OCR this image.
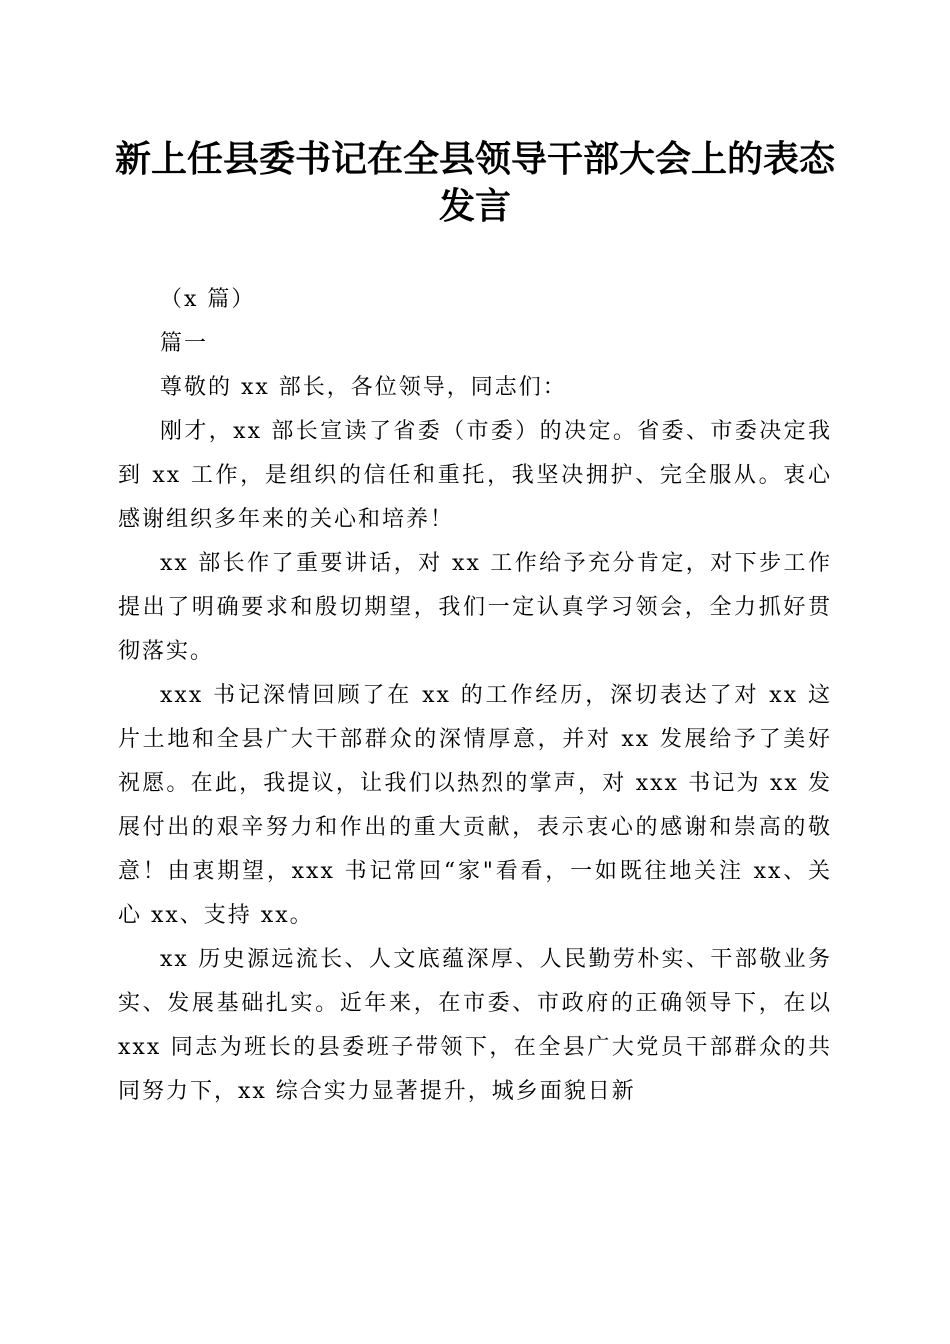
新上任县委书记在全县领导干部大会上的表态发言

（x 篇）

篇一

尊敬的 xx 部长，各位领导，同志们：

刚才，xx 部长宣读了省委（市委）的决定。省委、市委决定我到 xx 工作，是组织的信任和重托，我坚决拥护、完全服从。衷心感谢组织多年来的关心和培养！

xx 部长作了重要讲话，对 xx 工作给予充分肯定，对下步工作提出了明确要求和殷切期望，我们一定认真学习领会，全力抓好贯彻落实。

xxx 书记深情回顾了在 xx 的工作经历，深切表达了对 xx 这片土地和全县广大干部群众的深情厚意，并对 xx 发展给予了美好祝愿。在此，我提议，让我们以热烈的掌声，对 xxx 书记为 xx 发展付出的艰辛努力和作出的重大贡献，表示衷心的感谢和崇高的敬意！由衷期望，xxx 书记常回“家"看看，一如既往地关注 xx、关心 xx、支持 xx。

xx 历史源远流长、人文底蕴深厚、人民勤劳朴实、干部敬业务实、发展基础扎实。近年来，在市委、市政府的正确领导下，在以 xxx 同志为班长的县委班子带领下，在全县广大党员干部群众的共同努力下，xx 综合实力显著提升，城乡面貌日新
